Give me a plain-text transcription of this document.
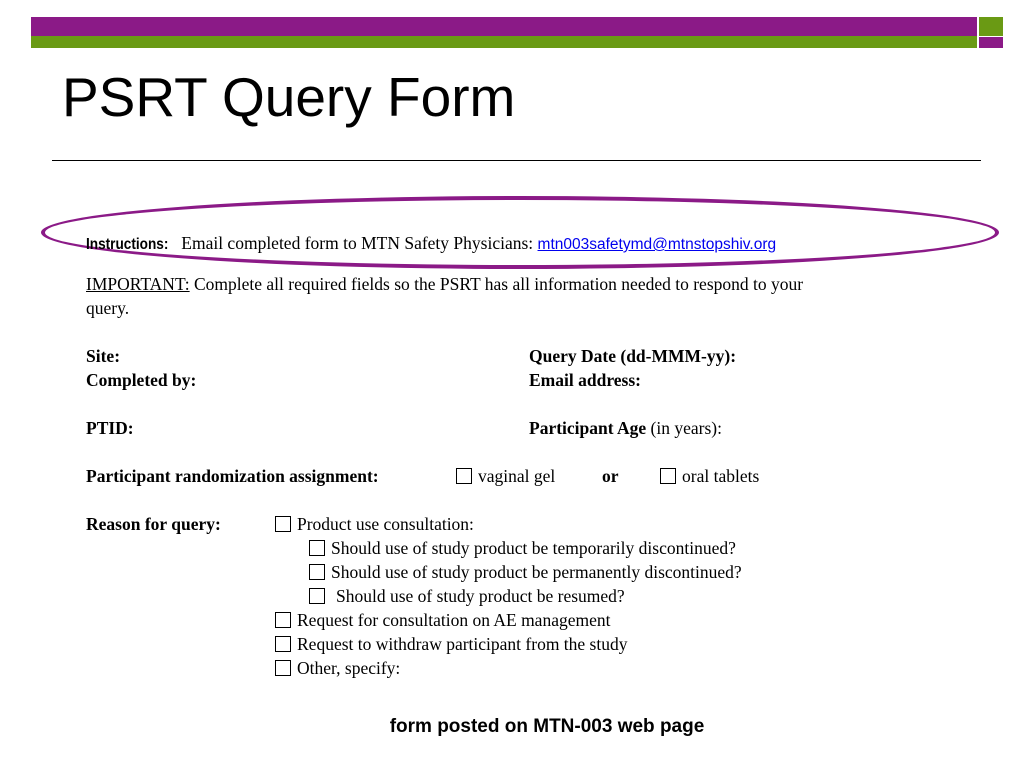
PSRT Query Form
Instructions: Email completed form to MTN Safety Physicians: mtn003safetymd@mtnstopshiv.org
IMPORTANT: Complete all required fields so the PSRT has all information needed to respond to your
query.
Site:	Query Date (dd-MMM-yy):
Completed by:	Email address:
PTID:	Participant Age (in years):
Participant randomization assignment:	vaginal gel	or	oral tablets
Reason for query:	Product use consultation:
Should use of study product be temporarily discontinued?
Should use of study product be permanently discontinued?
Should use of study product be resumed?
Request for consultation on AE management
Request to withdraw participant from the study
Other, specify:
form posted on MTN-003 web page
